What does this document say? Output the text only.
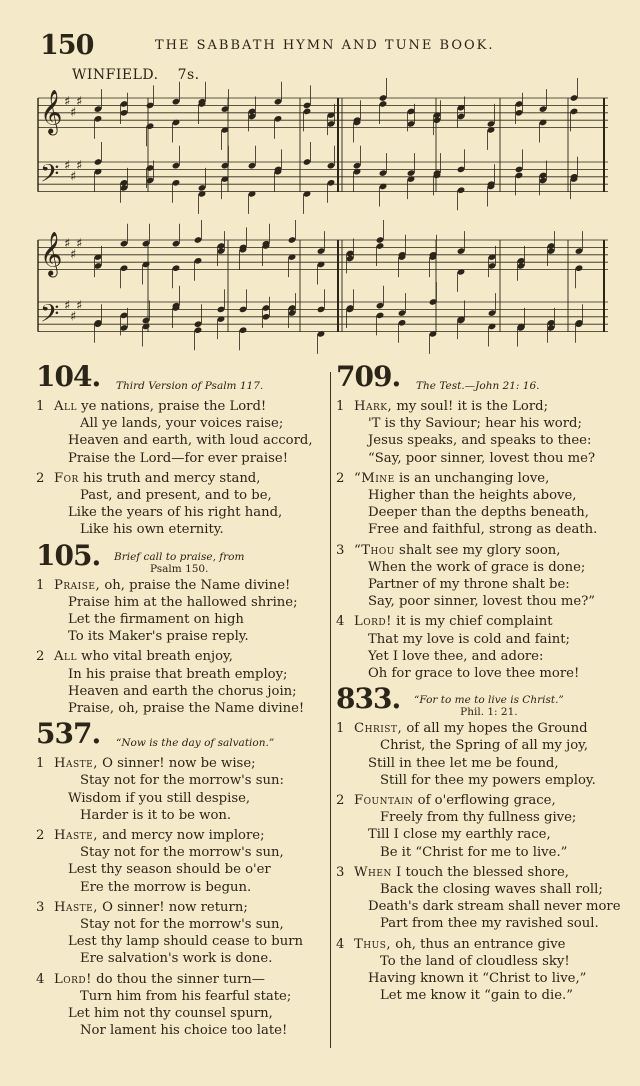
150	THE SABBATH HYMN AND TUNE BOOK.
WINFIELD. 7s.
𝄞 ♯
♯
♯
𝄢 ♯
♯
♯
𝄞 ♯
♯
♯
𝄢 ♯
♯
♯
104. Third Version of Psalm 117.
1 All ye nations, praise the Lord!
All ye lands, your voices raise;
Heaven and earth, with loud accord,
Praise the Lord—for ever praise!
2 For his truth and mercy stand,
Past, and present, and to be,
Like the years of his right hand,
Like his own eternity.
105. Brief call to praise, from
Psalm 150.
1 Praise, oh, praise the Name divine!
Praise him at the hallowed shrine;
Let the firmament on high
To its Maker's praise reply.
2 All who vital breath enjoy,
In his praise that breath employ;
Heaven and earth the chorus join;
Praise, oh, praise the Name divine!
537. “Now is the day of salvation.”
1 Haste, O sinner! now be wise;
Stay not for the morrow's sun:
Wisdom if you still despise,
Harder is it to be won.
2 Haste, and mercy now implore;
Stay not for the morrow's sun,
Lest thy season should be o'er
Ere the morrow is begun.
3 Haste, O sinner! now return;
Stay not for the morrow's sun,
Lest thy lamp should cease to burn
Ere salvation's work is done.
4 Lord! do thou the sinner turn—
Turn him from his fearful state;
Let him not thy counsel spurn,
Nor lament his choice too late!
709. The Test.—John 21: 16.
1 Hark, my soul! it is the Lord;
'T is thy Saviour; hear his word;
Jesus speaks, and speaks to thee:
“Say, poor sinner, lovest thou me?
2 “Mine is an unchanging love,
Higher than the heights above,
Deeper than the depths beneath,
Free and faithful, strong as death.
3 “Thou shalt see my glory soon,
When the work of grace is done;
Partner of my throne shalt be:
Say, poor sinner, lovest thou me?”
4 Lord! it is my chief complaint
That my love is cold and faint;
Yet I love thee, and adore:
Oh for grace to love thee more!
833. “For to me to live is Christ.”
Phil. 1: 21.
1 Christ, of all my hopes the Ground
Christ, the Spring of all my joy,
Still in thee let me be found,
Still for thee my powers employ.
2 Fountain of o'erflowing grace,
Freely from thy fullness give;
Till I close my earthly race,
Be it “Christ for me to live.”
3 When I touch the blessed shore,
Back the closing waves shall roll;
Death's dark stream shall never more
Part from thee my ravished soul.
4 Thus, oh, thus an entrance give
To the land of cloudless sky!
Having known it “Christ to live,”
Let me know it “gain to die.”
